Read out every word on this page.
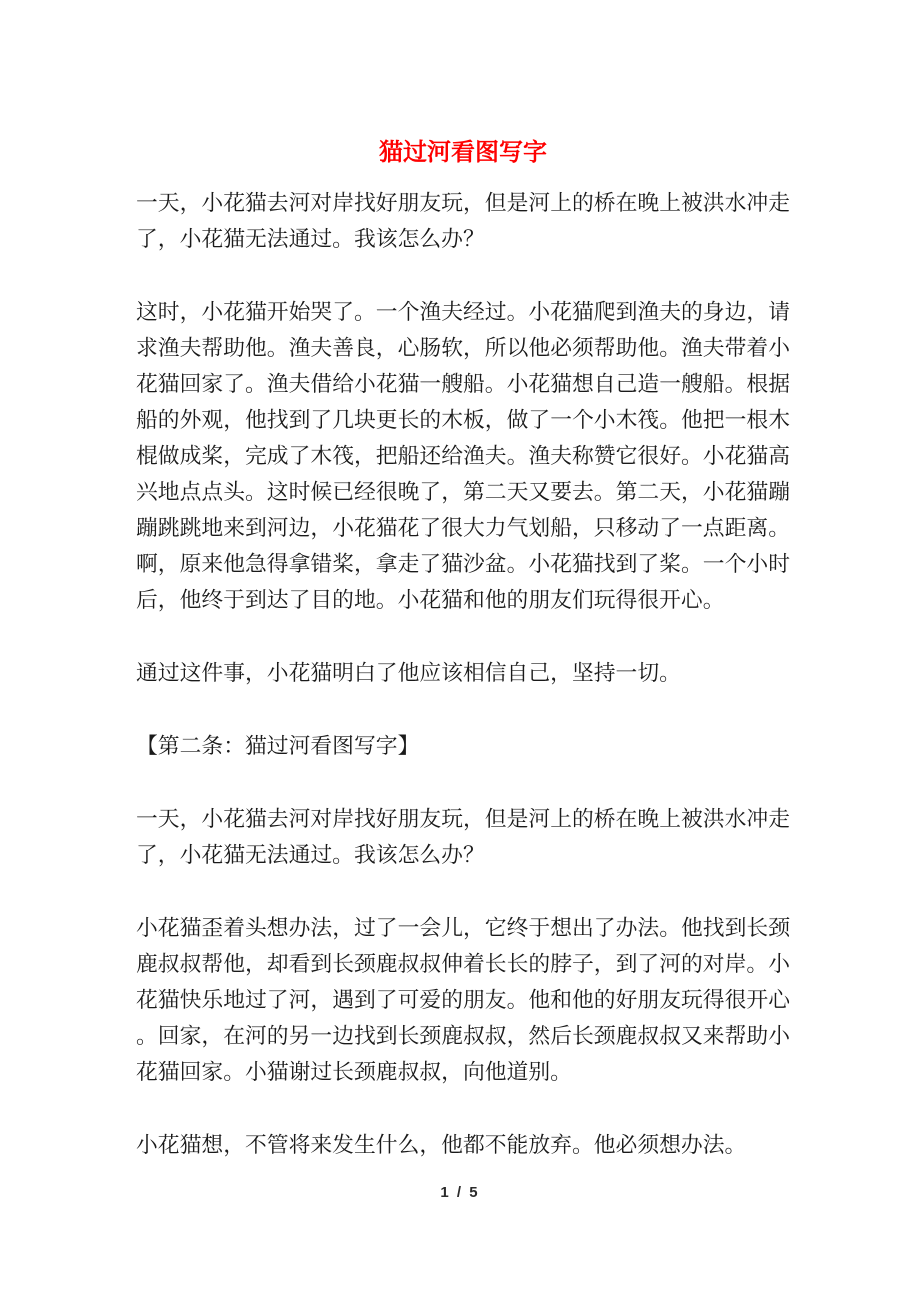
猫过河看图写字

一天，小花猫去河对岸找好朋友玩，但是河上的桥在晚上被洪水冲走了，小花猫无法通过。我该怎么办？

这时，小花猫开始哭了。一个渔夫经过。小花猫爬到渔夫的身边，请求渔夫帮助他。渔夫善良，心肠软，所以他必须帮助他。渔夫带着小花猫回家了。渔夫借给小花猫一艘船。小花猫想自己造一艘船。根据船的外观，他找到了几块更长的木板，做了一个小木筏。他把一根木棍做成桨，完成了木筏，把船还给渔夫。渔夫称赞它很好。小花猫高兴地点点头。这时候已经很晚了，第二天又要去。第二天，小花猫蹦蹦跳跳地来到河边，小花猫花了很大力气划船，只移动了一点距离。啊，原来他急得拿错桨，拿走了猫沙盆。小花猫找到了桨。一个小时后，他终于到达了目的地。小花猫和他的朋友们玩得很开心。

通过这件事，小花猫明白了他应该相信自己，坚持一切。

【第二条：猫过河看图写字】

一天，小花猫去河对岸找好朋友玩，但是河上的桥在晚上被洪水冲走了，小花猫无法通过。我该怎么办？

小花猫歪着头想办法，过了一会儿，它终于想出了办法。他找到长颈鹿叔叔帮他，却看到长颈鹿叔叔伸着长长的脖子，到了河的对岸。小花猫快乐地过了河，遇到了可爱的朋友。他和他的好朋友玩得很开心。回家，在河的另一边找到长颈鹿叔叔，然后长颈鹿叔叔又来帮助小花猫回家。小猫谢过长颈鹿叔叔，向他道别。

小花猫想，不管将来发生什么，他都不能放弃。他必须想办法。

1 / 5
